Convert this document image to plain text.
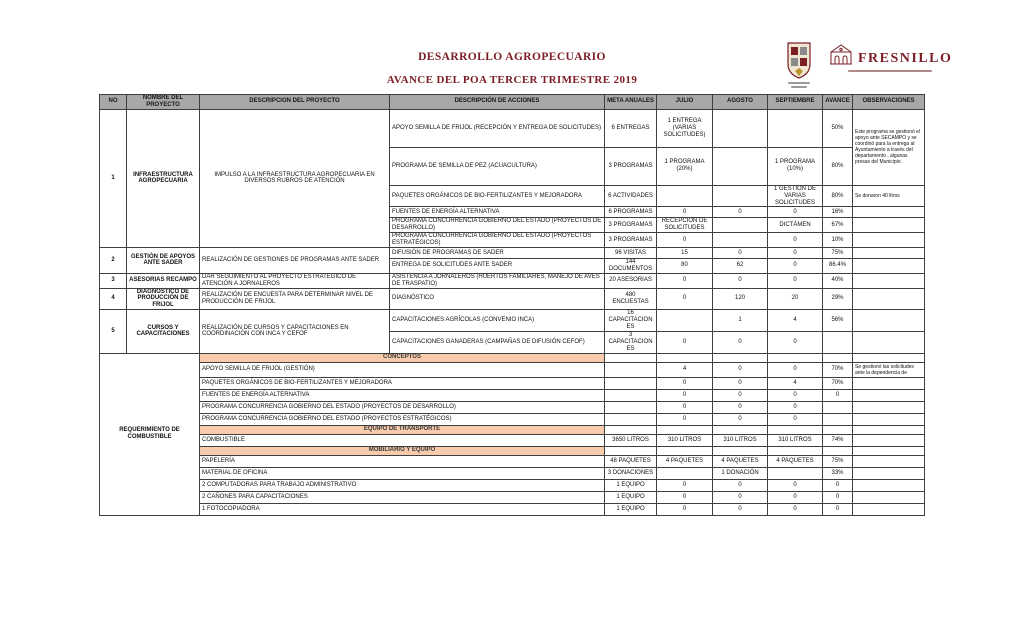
DESARROLLO AGROPECUARIO
AVANCE DEL POA TERCER TRIMESTRE 2019
FRESNILLO
NO	NOMBRE DEL PROYECTO	DESCRIPCION DEL PROYECTO	DESCRIPCIÓN DE ACCIONES	META ANUALES	JULIO	AGOSTO	SEPTIEMBRE	AVANCE	OBSERVACIONES
1	INFRAESTRUCTURA AGROPECUARIA	IMPULSO A LA INFRAESTRUCTURA AGROPECUARIA EN DIVERSOS RUBROS DE ATENCIÓN	APOYO SEMILLA DE FRIJOL (RECEPCIÓN Y ENTREGA DE SOLICITUDES)	6 ENTREGAS	1 ENTREGA (VARIAS SOLICITUDES)			50%	Este programa se gestionó el apoyo ante SECAMPO y se coordinó para la entrega al Ayuntamiento a través del departamento , algunas presas del Municipio.
			PROGRAMA DE SEMILLA DE PEZ (ACUACULTURA)	3 PROGRAMAS	1 PROGRAMA (20%)		1 PROGRAMA (10%)	80%	
			PAQUETES ORGÁNICOS DE BIO-FERTILIZANTES Y MEJORADORA	6 ACTIVIDADES			1 GESTIÓN DE VARIAS SOLICITUDES	80%	Se donaron 40 litros
			FUENTES DE ENERGÍA ALTERNATIVA	6 PROGRAMAS	0	0	0	16%	
			PROGRAMA CONCURRENCIA GOBIERNO DEL ESTADO (PROYECTOS DE DESARROLLO)	3 PROGRAMAS	RECEPCIÓN DE SOLICITUDES		DICTÁMEN	67%	
			PROGRAMA CONCURRENCIA GOBIERNO DEL ESTADO (PROYECTOS ESTRATÉGICOS)	3 PROGRAMAS	0		0	10%	
2	GESTIÓN DE APOYOS ANTE SADER	REALIZACIÓN DE GESTIONES DE PROGRAMAS ANTE SADER	DIFUSIÓN DE PROGRAMAS DE SADER	96 VISITAS	15	0	0	75%	
			ENTREGA DE SOLICITUDES ANTE SADER	144 DOCUMENTOS	80	62	0	86.4%	
3	ASESORIAS RECAMPO	DAR SEGUIMIENTO AL PROYECTO ESTRATÉGICO DE ATENCIÓN A JORNALEROS	ASISTENCIA A JORNALEROS (HUERTOS FAMILIARES, MANEJO DE AVES DE TRASPATIO)	20 ASESORIAS	0	0	0	40%	
4	DIAGNÓSTICO DE PRODUCCIÓN DE FRIJOL	REALIZACIÓN DE ENCUESTA PARA DETERMINAR NIVEL DE PRODUCCIÓN DE FRIJOL	DIAGNÓSTICO	480 ENCUESTAS	0	120	20	29%	
5	CURSOS Y CAPACITACIONES	REALIZACIÓN DE CURSOS Y CAPACITACIONES EN COORDINACIÓN CON INCA Y CEFOF	CAPACITACIONES AGRÍCOLAS (CONVENIO INCA)	16 CAPACITACIONES		1	4	56%	
			CAPACITACIONES GANADERAS (CAMPAÑAS DE DIFUSIÓN CEFOF)	3 CAPACITACIONES	0	0	0		
REQUERIMIENTO DE COMBUSTIBLE		CONCEPTOS							
		APOYO SEMILLA DE FRIJOL (GESTIÓN)			4	0	0	70%	Se gestionó las solicitudes ante la dependencia de
		PAQUETES ORGÁNICOS DE BIO-FERTILIZANTES Y MEJORADORA			0	0	4	70%	
		FUENTES DE ENERGÍA ALTERNATIVA			0	0	0	0	
		PROGRAMA CONCURRENCIA GOBIERNO DEL ESTADO (PROYECTOS DE DESARROLLO)			0	0	0		
		PROGRAMA CONCURRENCIA GOBIERNO DEL ESTADO (PROYECTOS ESTRATÉGICOS)			0	0	0		
		EQUIPO DE TRANSPORTE							
		COMBUSTIBLE		3650 LITROS	310 LITROS	310 LITROS	310 LITROS	74%	
		MOBILIARIO Y EQUIPO							
		PAPELERÍA		48 PAQUETES	4 PAQUETES	4 PAQUETES	4 PAQUETES	75%	
		MATERIAL DE OFICINA		3 DONACIONES		1 DONACIÓN		33%	
		2 COMPUTADORAS PARA TRABAJO ADMINISTRATIVO		1 EQUIPO	0	0	0	0	
		2 CAÑONES PARA CAPACITACIONES		1 EQUIPO	0	0	0	0	
		1 FOTOCOPIADORA		1 EQUIPO	0	0	0	0	
